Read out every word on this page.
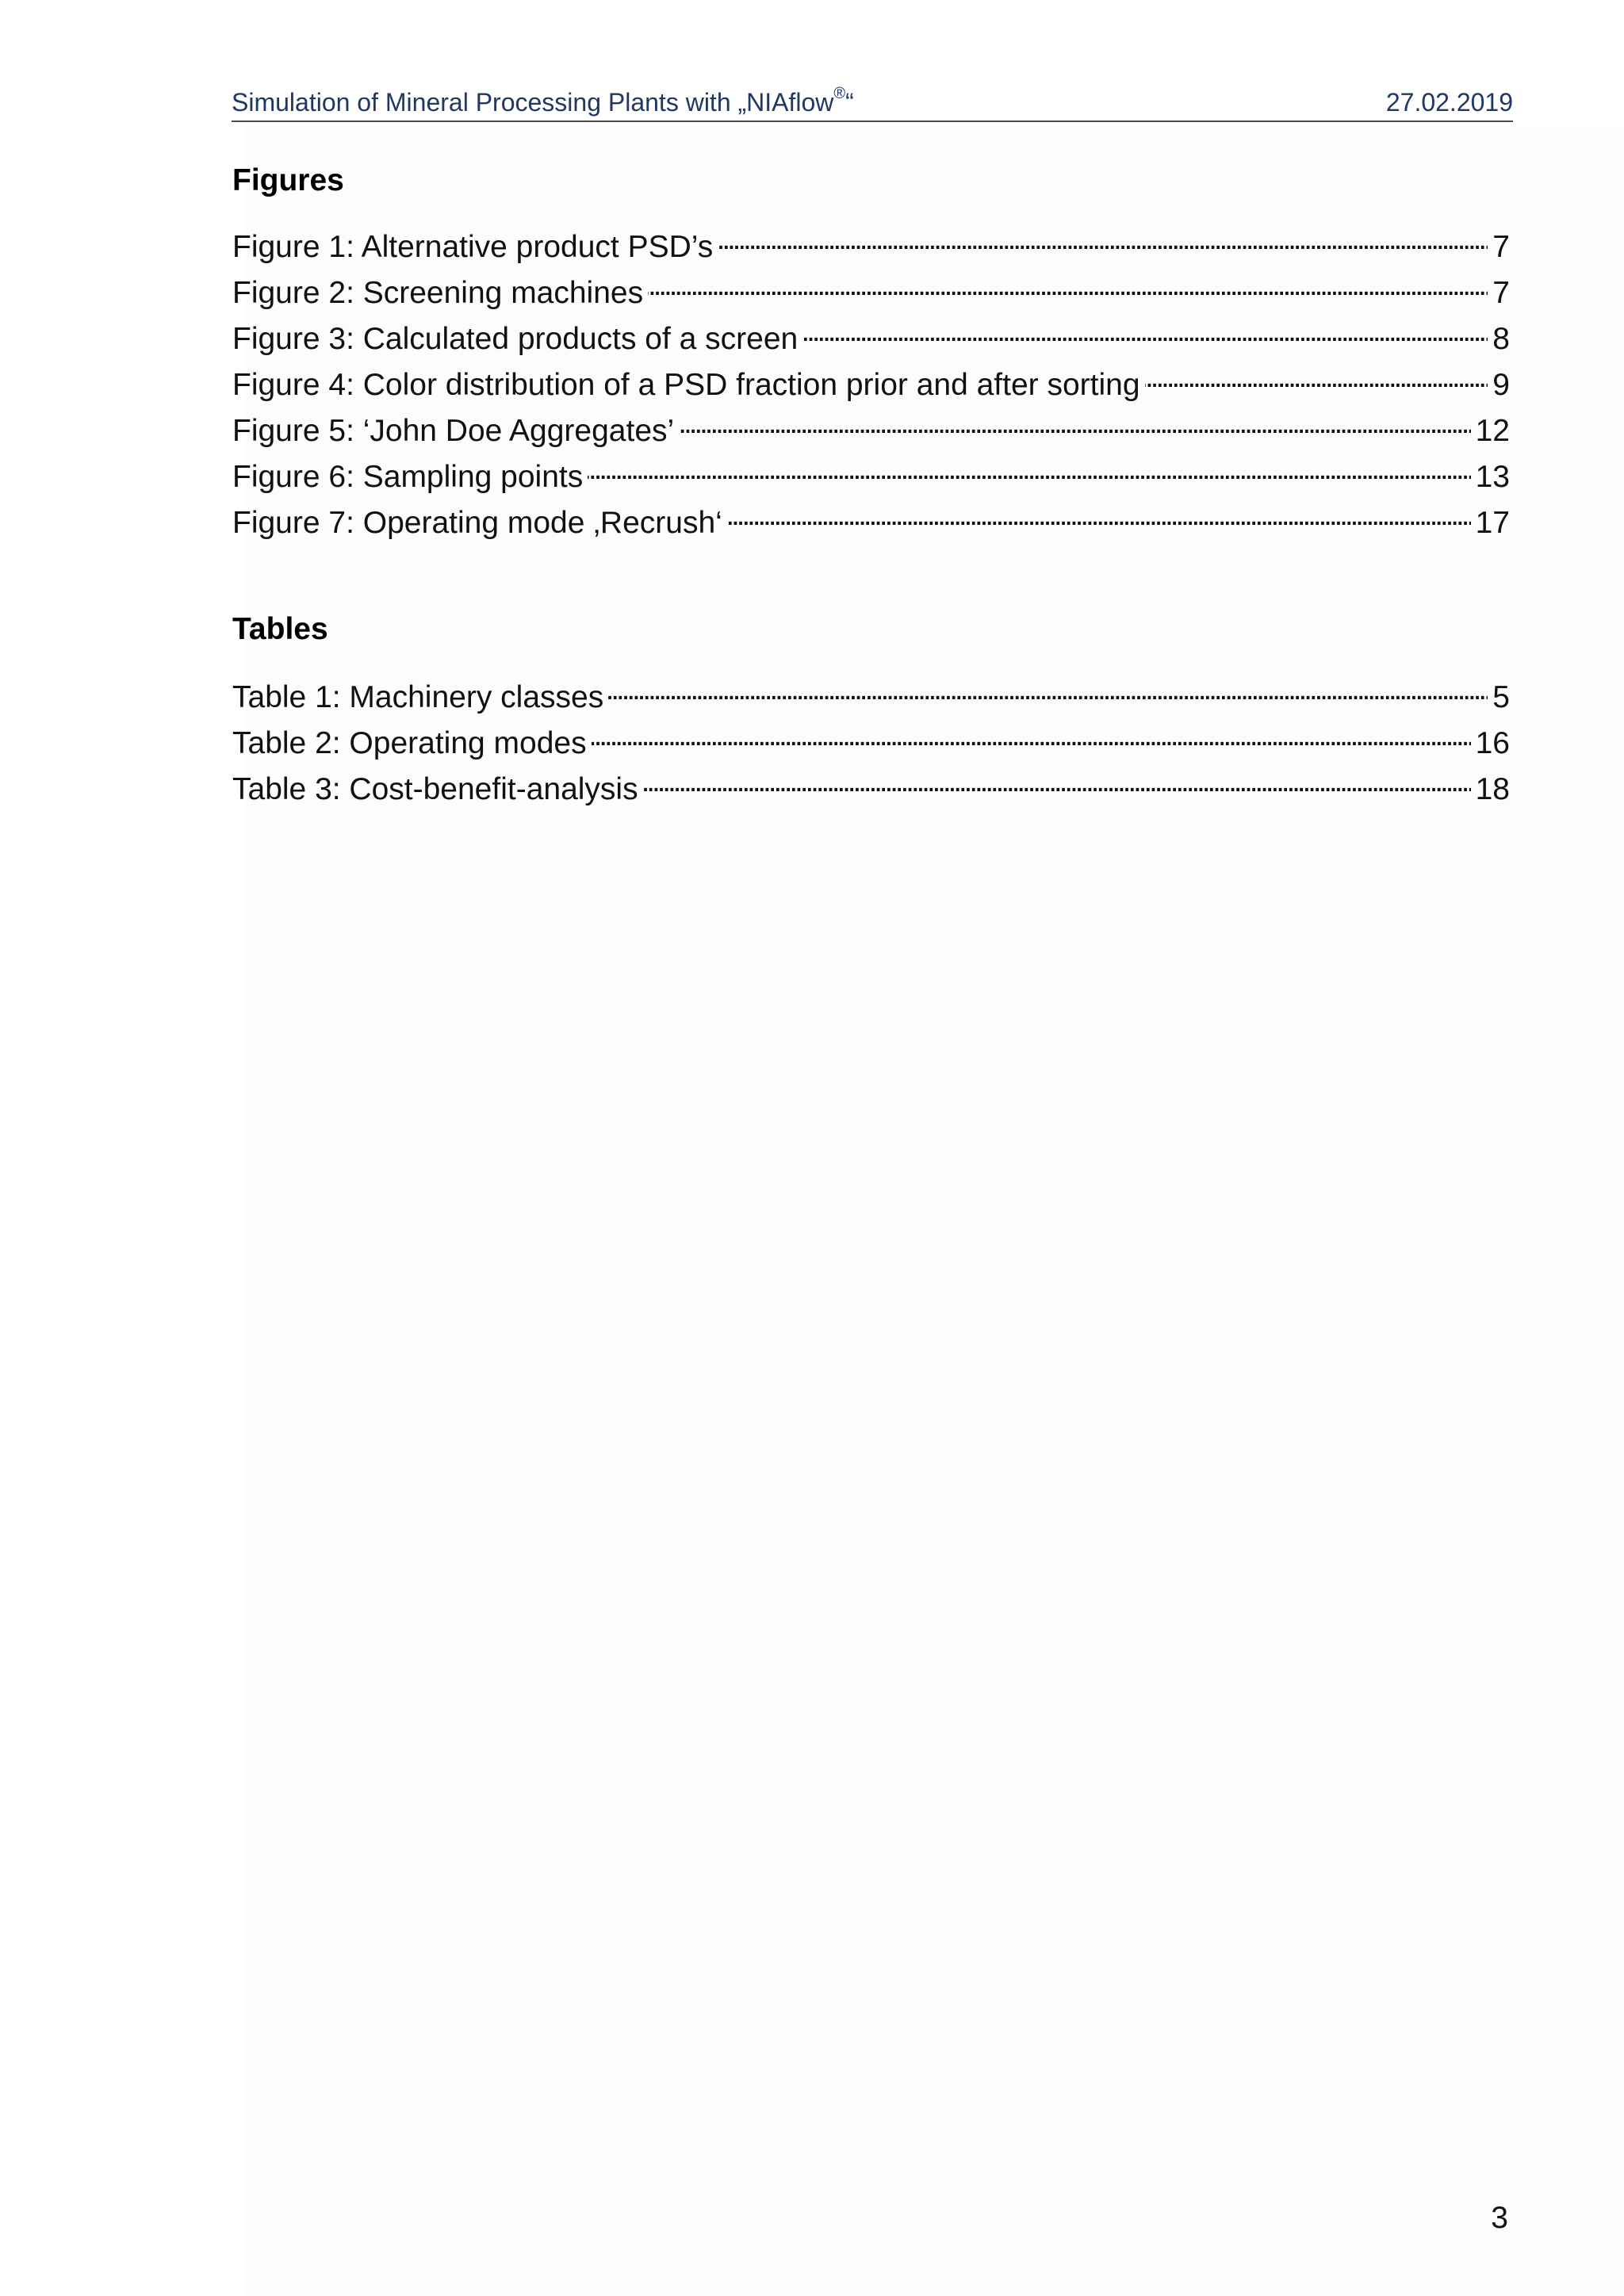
Simulation of Mineral Processing Plants with „NIAflow®“	27.02.2019
Figures
Figure 1: Alternative product PSD’s . . .	7
Figure 2: Screening machines . . .	7
Figure 3: Calculated products of a screen . . .	8
Figure 4: Color distribution of a PSD fraction prior and after sorting . . .	9
Figure 5: ‘John Doe Aggregates’ . . .	12
Figure 6: Sampling points . . .	13
Figure 7: Operating mode ‚Recrush‘ . . .	17
Tables
Table 1: Machinery classes . . .	5
Table 2: Operating modes . . .	16
Table 3: Cost-benefit-analysis . . .	18
3
